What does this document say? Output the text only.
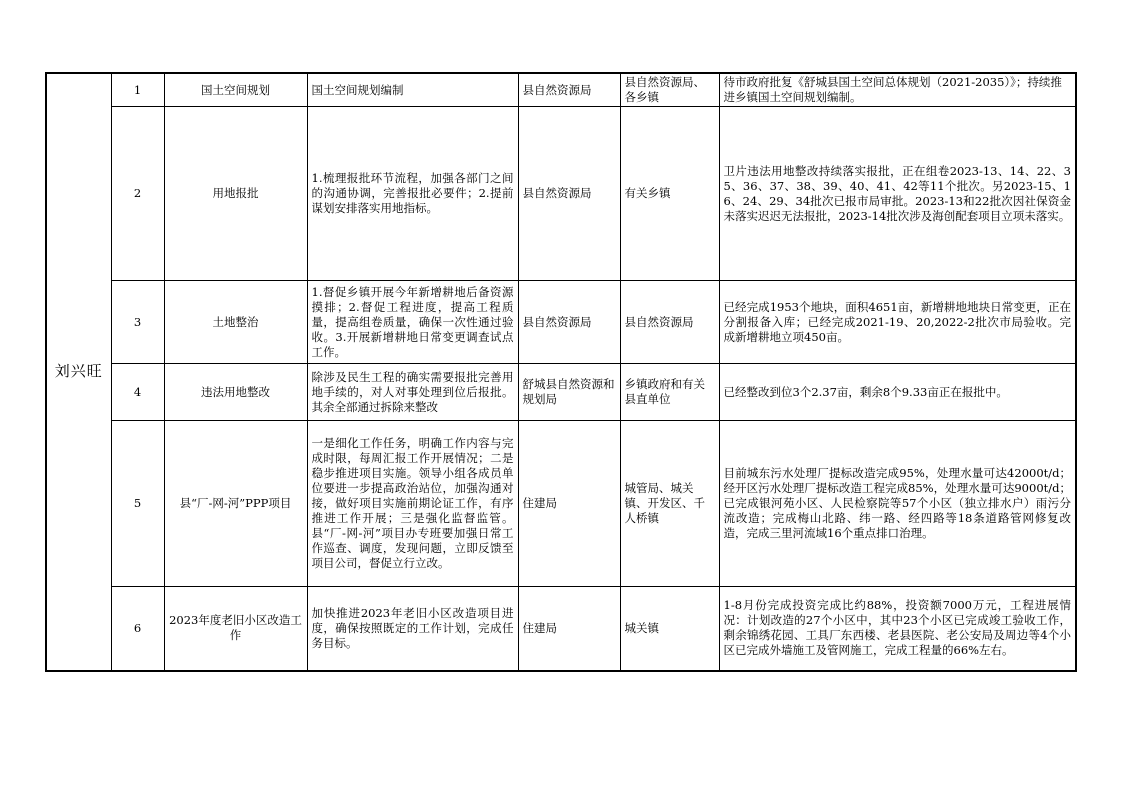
刘兴旺	1	国土空间规划	国土空间规划编制	县自然资源局	县自然资源局、各乡镇	待市政府批复《舒城县国土空间总体规划（2021-2035）》；持续推进乡镇国土空间规划编制。
	2	用地报批	1.梳理报批环节流程，加强各部门之间的沟通协调，完善报批必要件；2.提前谋划安排落实用地指标。	县自然资源局	有关乡镇	卫片违法用地整改持续落实报批，正在组卷2023-13、14、22、35、36、37、38、39、40、41、42等11个批次。另2023-15、16、24、29、34批次已报市局审批。2023-13和22批次因社保资金未落实迟迟无法报批，2023-14批次涉及海创配套项目立项未落实。
	3	土地整治	1.督促乡镇开展今年新增耕地后备资源摸排；2.督促工程进度，提高工程质量，提高组卷质量，确保一次性通过验收。3.开展新增耕地日常变更调查试点工作。	县自然资源局	县自然资源局	已经完成1953个地块，面积4651亩，新增耕地地块日常变更，正在分割报备入库；已经完成2021-19、20,2022-2批次市局验收。完成新增耕地立项450亩。
	4	违法用地整改	除涉及民生工程的确实需要报批完善用地手续的，对人对事处理到位后报批。其余全部通过拆除来整改	舒城县自然资源和规划局	乡镇政府和有关县直单位	已经整改到位3个2.37亩，剩余8个9.33亩正在报批中。
	5	县“厂-网-河”PPP项目	一是细化工作任务，明确工作内容与完成时限，每周汇报工作开展情况；二是稳步推进项目实施。领导小组各成员单位要进一步提高政治站位，加强沟通对接，做好项目实施前期论证工作，有序推进工作开展；三是强化监督监管。县“厂-网-河”项目办专班要加强日常工作巡查、调度，发现问题，立即反馈至项目公司，督促立行立改。	住建局	城管局、城关镇、开发区、千人桥镇	目前城东污水处理厂提标改造完成95%，处理水量可达42000t/d；经开区污水处理厂提标改造工程完成85%，处理水量可达9000t/d；已完成银河苑小区、人民检察院等57个小区（独立排水户）雨污分流改造；完成梅山北路、纬一路、经四路等18条道路管网修复改造，完成三里河流域16个重点排口治理。
	6	2023年度老旧小区改造工作	加快推进2023年老旧小区改造项目进度，确保按照既定的工作计划，完成任务目标。	住建局	城关镇	1-8月份完成投资完成比约88%，投资额7000万元，工程进展情况：计划改造的27个小区中，其中23个小区已完成竣工验收工作，剩余锦绣花园、工具厂东西楼、老县医院、老公安局及周边等4个小区已完成外墙施工及管网施工，完成工程量的66%左右。
